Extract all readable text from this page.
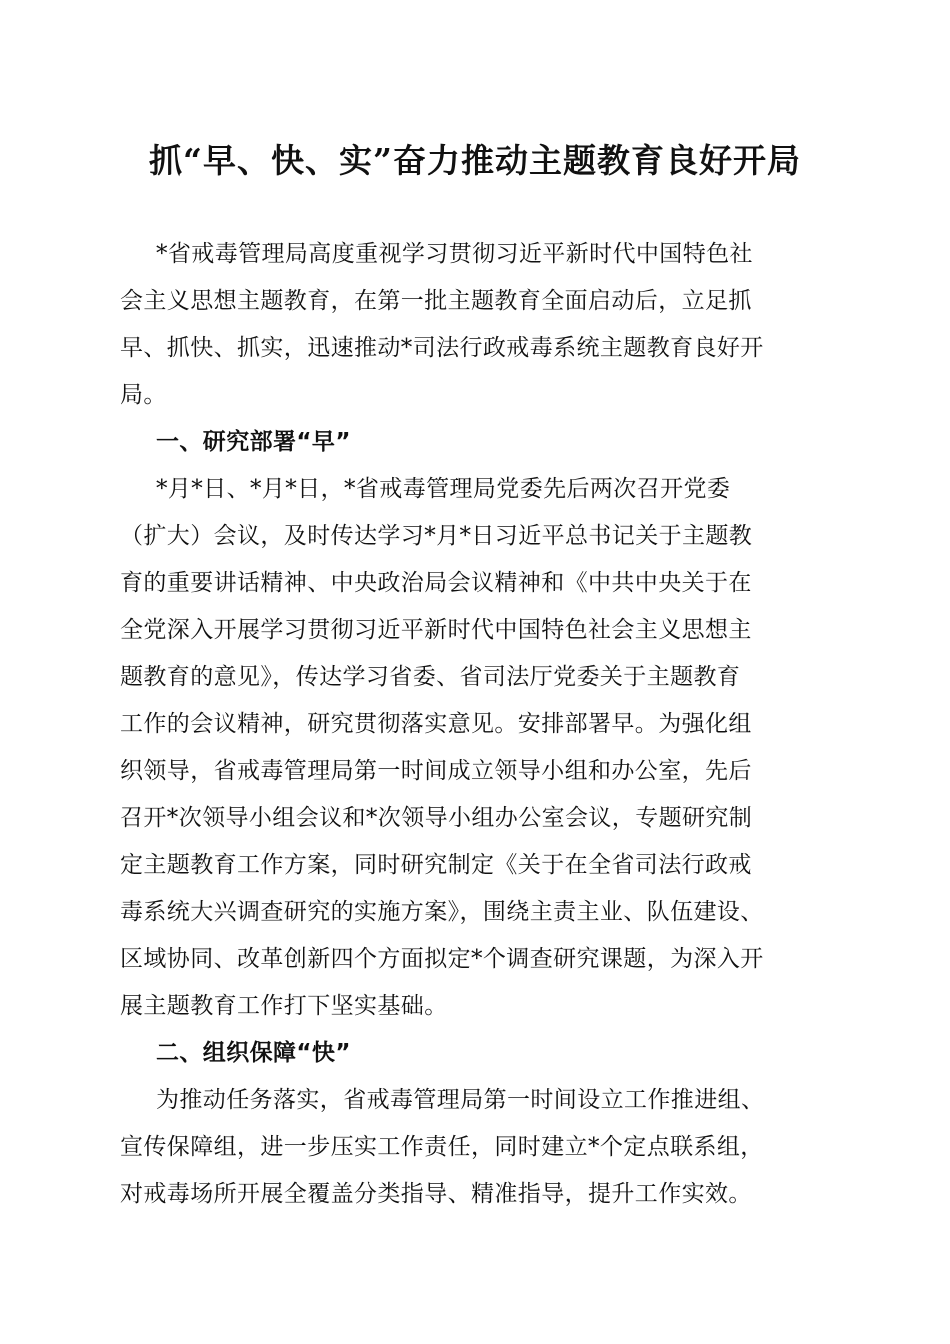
抓“早、快、实”奋力推动主题教育良好开局

*省戒毒管理局高度重视学习贯彻习近平新时代中国特色社
会主义思想主题教育，在第一批主题教育全面启动后，立足抓
早、抓快、抓实，迅速推动*司法行政戒毒系统主题教育良好开
局。

一、研究部署“早”

*月*日、*月*日，*省戒毒管理局党委先后两次召开党委
（扩大）会议，及时传达学习*月*日习近平总书记关于主题教
育的重要讲话精神、中央政治局会议精神和《中共中央关于在
全党深入开展学习贯彻习近平新时代中国特色社会主义思想主
题教育的意见》，传达学习省委、省司法厅党委关于主题教育
工作的会议精神，研究贯彻落实意见。安排部署早。为强化组
织领导，省戒毒管理局第一时间成立领导小组和办公室，先后
召开*次领导小组会议和*次领导小组办公室会议，专题研究制
定主题教育工作方案，同时研究制定《关于在全省司法行政戒
毒系统大兴调查研究的实施方案》，围绕主责主业、队伍建设、
区域协同、改革创新四个方面拟定*个调查研究课题，为深入开
展主题教育工作打下坚实基础。

二、组织保障“快”

为推动任务落实，省戒毒管理局第一时间设立工作推进组、
宣传保障组，进一步压实工作责任，同时建立*个定点联系组，
对戒毒场所开展全覆盖分类指导、精准指导，提升工作实效。
